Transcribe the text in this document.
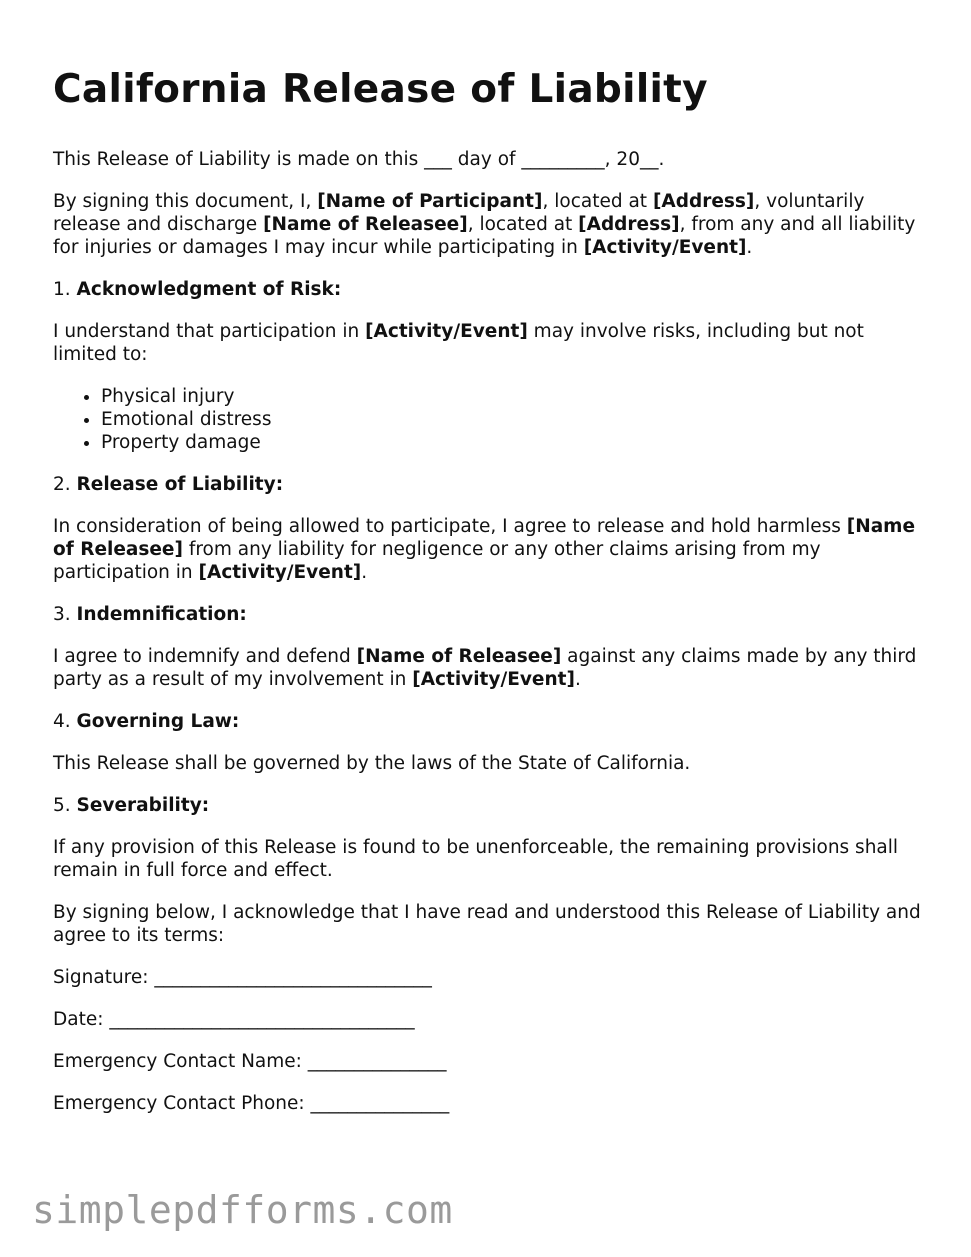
California Release of Liability

This Release of Liability is made on this ___ day of _________, 20__.

By signing this document, I, [Name of Participant], located at [Address], voluntarily release and discharge [Name of Releasee], located at [Address], from any and all liability for injuries or damages I may incur while participating in [Activity/Event].

1. Acknowledgment of Risk:

I understand that participation in [Activity/Event] may involve risks, including but not limited to:

• Physical injury
• Emotional distress
• Property damage

2. Release of Liability:

In consideration of being allowed to participate, I agree to release and hold harmless [Name of Releasee] from any liability for negligence or any other claims arising from my participation in [Activity/Event].

3. Indemnification:

I agree to indemnify and defend [Name of Releasee] against any claims made by any third party as a result of my involvement in [Activity/Event].

4. Governing Law:

This Release shall be governed by the laws of the State of California.

5. Severability:

If any provision of this Release is found to be unenforceable, the remaining provisions shall remain in full force and effect.

By signing below, I acknowledge that I have read and understood this Release of Liability and agree to its terms:

Signature: ______________________________

Date: _________________________________

Emergency Contact Name: _______________

Emergency Contact Phone: _______________

simplepdfforms.com
